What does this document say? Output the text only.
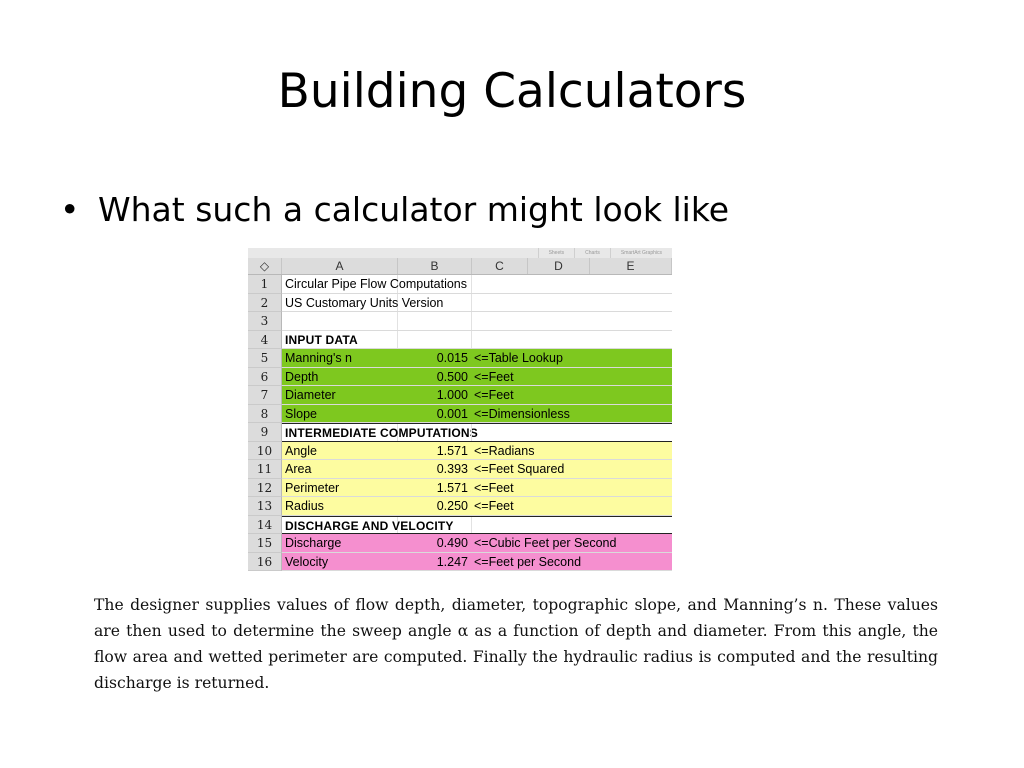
Building Calculators
• What such a calculator might look like
Sheets	Charts	SmartArt Graphics
◇	A	B	C	D	E
1	Circular Pipe Flow Computations
2	US Customary Units Version
3
4	INPUT DATA
5	Manning's n	0.015 <=Table Lookup
6	Depth	0.500 <=Feet
7	Diameter	1.000 <=Feet
8	Slope	0.001 <=Dimensionless
9	INTERMEDIATE COMPUTATIONS
10	Angle	1.571 <=Radians
11	Area	0.393 <=Feet Squared
12	Perimeter	1.571 <=Feet
13	Radius	0.250 <=Feet
14	DISCHARGE AND VELOCITY
15	Discharge	0.490 <=Cubic Feet per Second
16	Velocity	1.247 <=Feet per Second
The designer supplies values of flow depth, diameter, topographic slope, and Manning’s n. These values are then used to determine the sweep angle α as a function of depth and diameter. From this angle, the flow area and wetted perimeter are computed. Finally the hydraulic radius is computed and the resulting discharge is returned.
